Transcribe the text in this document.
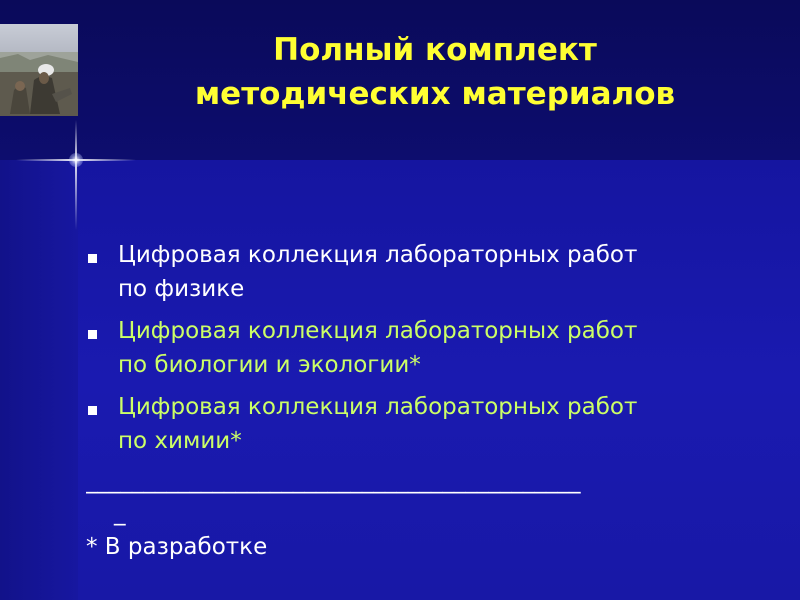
Полный комплект
методических материалов
Цифровая коллекция лабораторных работ
по физике
Цифровая коллекция лабораторных работ
по биологии и экологии*
Цифровая коллекция лабораторных работ
по химии*
___________________________________________
_
* В разработке
